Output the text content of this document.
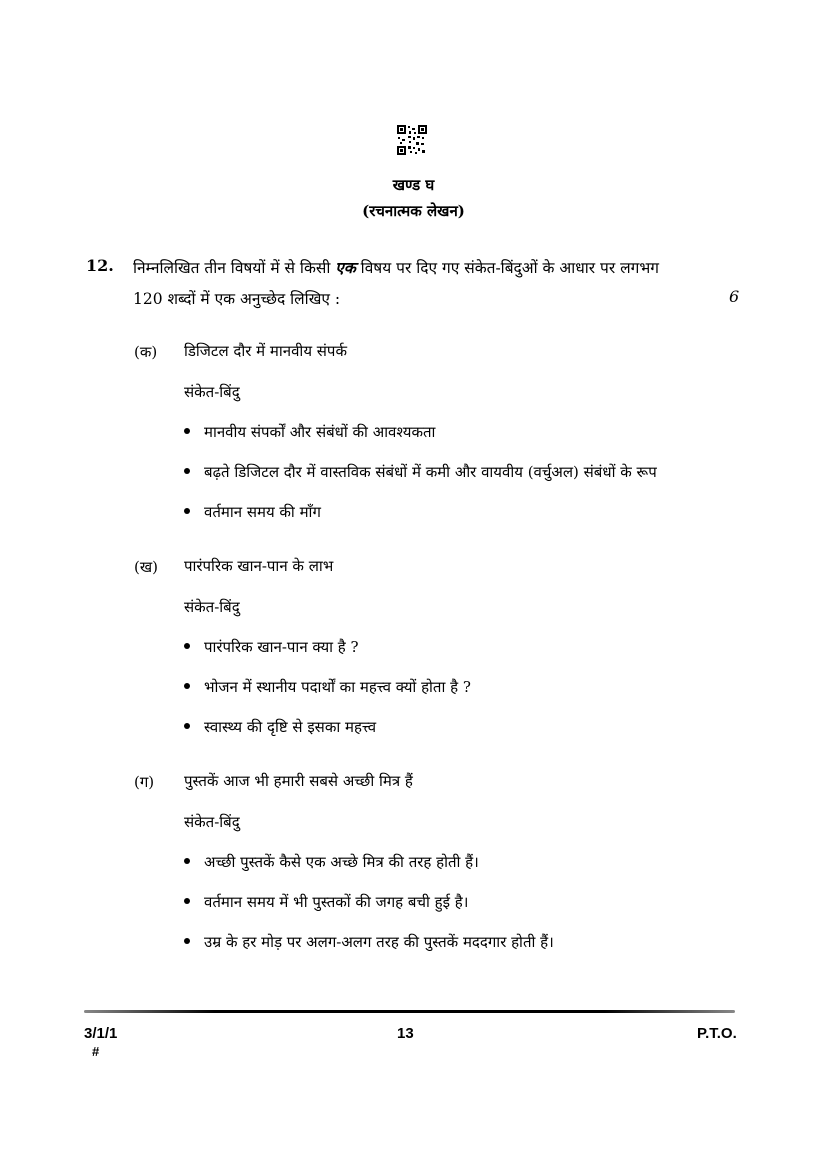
खण्ड घ
(रचनात्मक लेखन)
12. निम्नलिखित तीन विषयों में से किसी एक विषय पर दिए गए संकेत-बिंदुओं के आधार पर लगभग
120 शब्दों में एक अनुच्छेद लिखिए :	6
(क) डिजिटल दौर में मानवीय संपर्क
संकेत-बिंदु
मानवीय संपर्कों और संबंधों की आवश्यकता
बढ़ते डिजिटल दौर में वास्तविक संबंधों में कमी और वायवीय (वर्चुअल) संबंधों के रूप
वर्तमान समय की माँग
(ख) पारंपरिक खान-पान के लाभ
संकेत-बिंदु
पारंपरिक खान-पान क्या है ?
भोजन में स्थानीय पदार्थों का महत्त्व क्यों होता है ?
स्वास्थ्य की दृष्टि से इसका महत्त्व
(ग) पुस्तकें आज भी हमारी सबसे अच्छी मित्र हैं
संकेत-बिंदु
अच्छी पुस्तकें कैसे एक अच्छे मित्र की तरह होती हैं।
वर्तमान समय में भी पुस्तकों की जगह बची हुई है।
उम्र के हर मोड़ पर अलग-अलग तरह की पुस्तकें मददगार होती हैं।
3/1/1	13	P.T.O.
#
